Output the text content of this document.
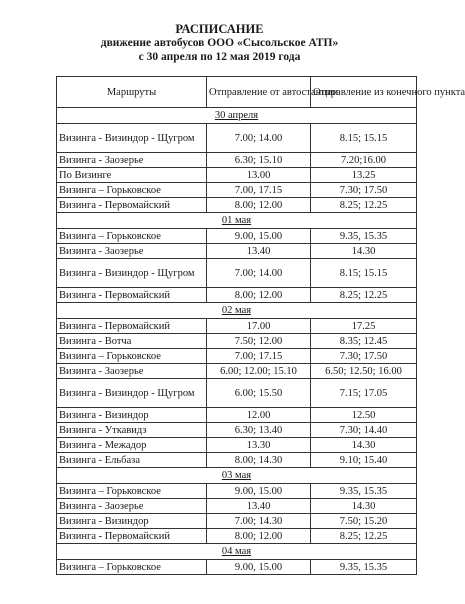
РАСПИСАНИЕ
движение автобусов ООО «Сысольское АТП»
с 30 апреля по 12 мая 2019 года
Маршруты	Отправление от автостанции	Отправление из конечного пункта
30 апреля		
Визинга - Визиндор - Щугром	7.00; 14.00	8.15; 15.15
Визинга - Заозерье	6.30; 15.10	7.20;16.00
По Визинге	13.00	13.25
Визинга – Горьковское	7.00, 17.15	7.30; 17.50
Визинга - Первомайский	8.00; 12.00	8.25; 12.25
01 мая		
Визинга – Горьковское	9.00, 15.00	9.35, 15.35
Визинга - Заозерье	13.40	14.30
Визинга - Визиндор - Щугром	7.00; 14.00	8.15; 15.15
Визинга - Первомайский	8.00; 12.00	8.25; 12.25
02 мая		
Визинга - Первомайский	17.00	17.25
Визинга - Вотча	7.50; 12.00	8.35; 12.45
Визинга – Горьковское	7.00; 17.15	7.30; 17.50
Визинга - Заозерье	6.00; 12.00; 15.10	6.50; 12.50; 16.00
Визинга - Визиндор - Щугром	6.00; 15.50	7.15; 17.05
Визинга - Визиндор	12.00	12.50
Визинга - Уткавидз	6.30; 13.40	7.30; 14.40
Визинга - Межадор	13.30	14.30
Визинга - Ельбаза	8.00; 14.30	9.10; 15.40
03 мая		
Визинга – Горьковское	9.00, 15.00	9.35, 15.35
Визинга - Заозерье	13.40	14.30
Визинга - Визиндор	7.00; 14.30	7.50; 15.20
Визинга - Первомайский	8.00; 12.00	8.25; 12.25
04 мая		
Визинга – Горьковское	9.00, 15.00	9.35, 15.35
